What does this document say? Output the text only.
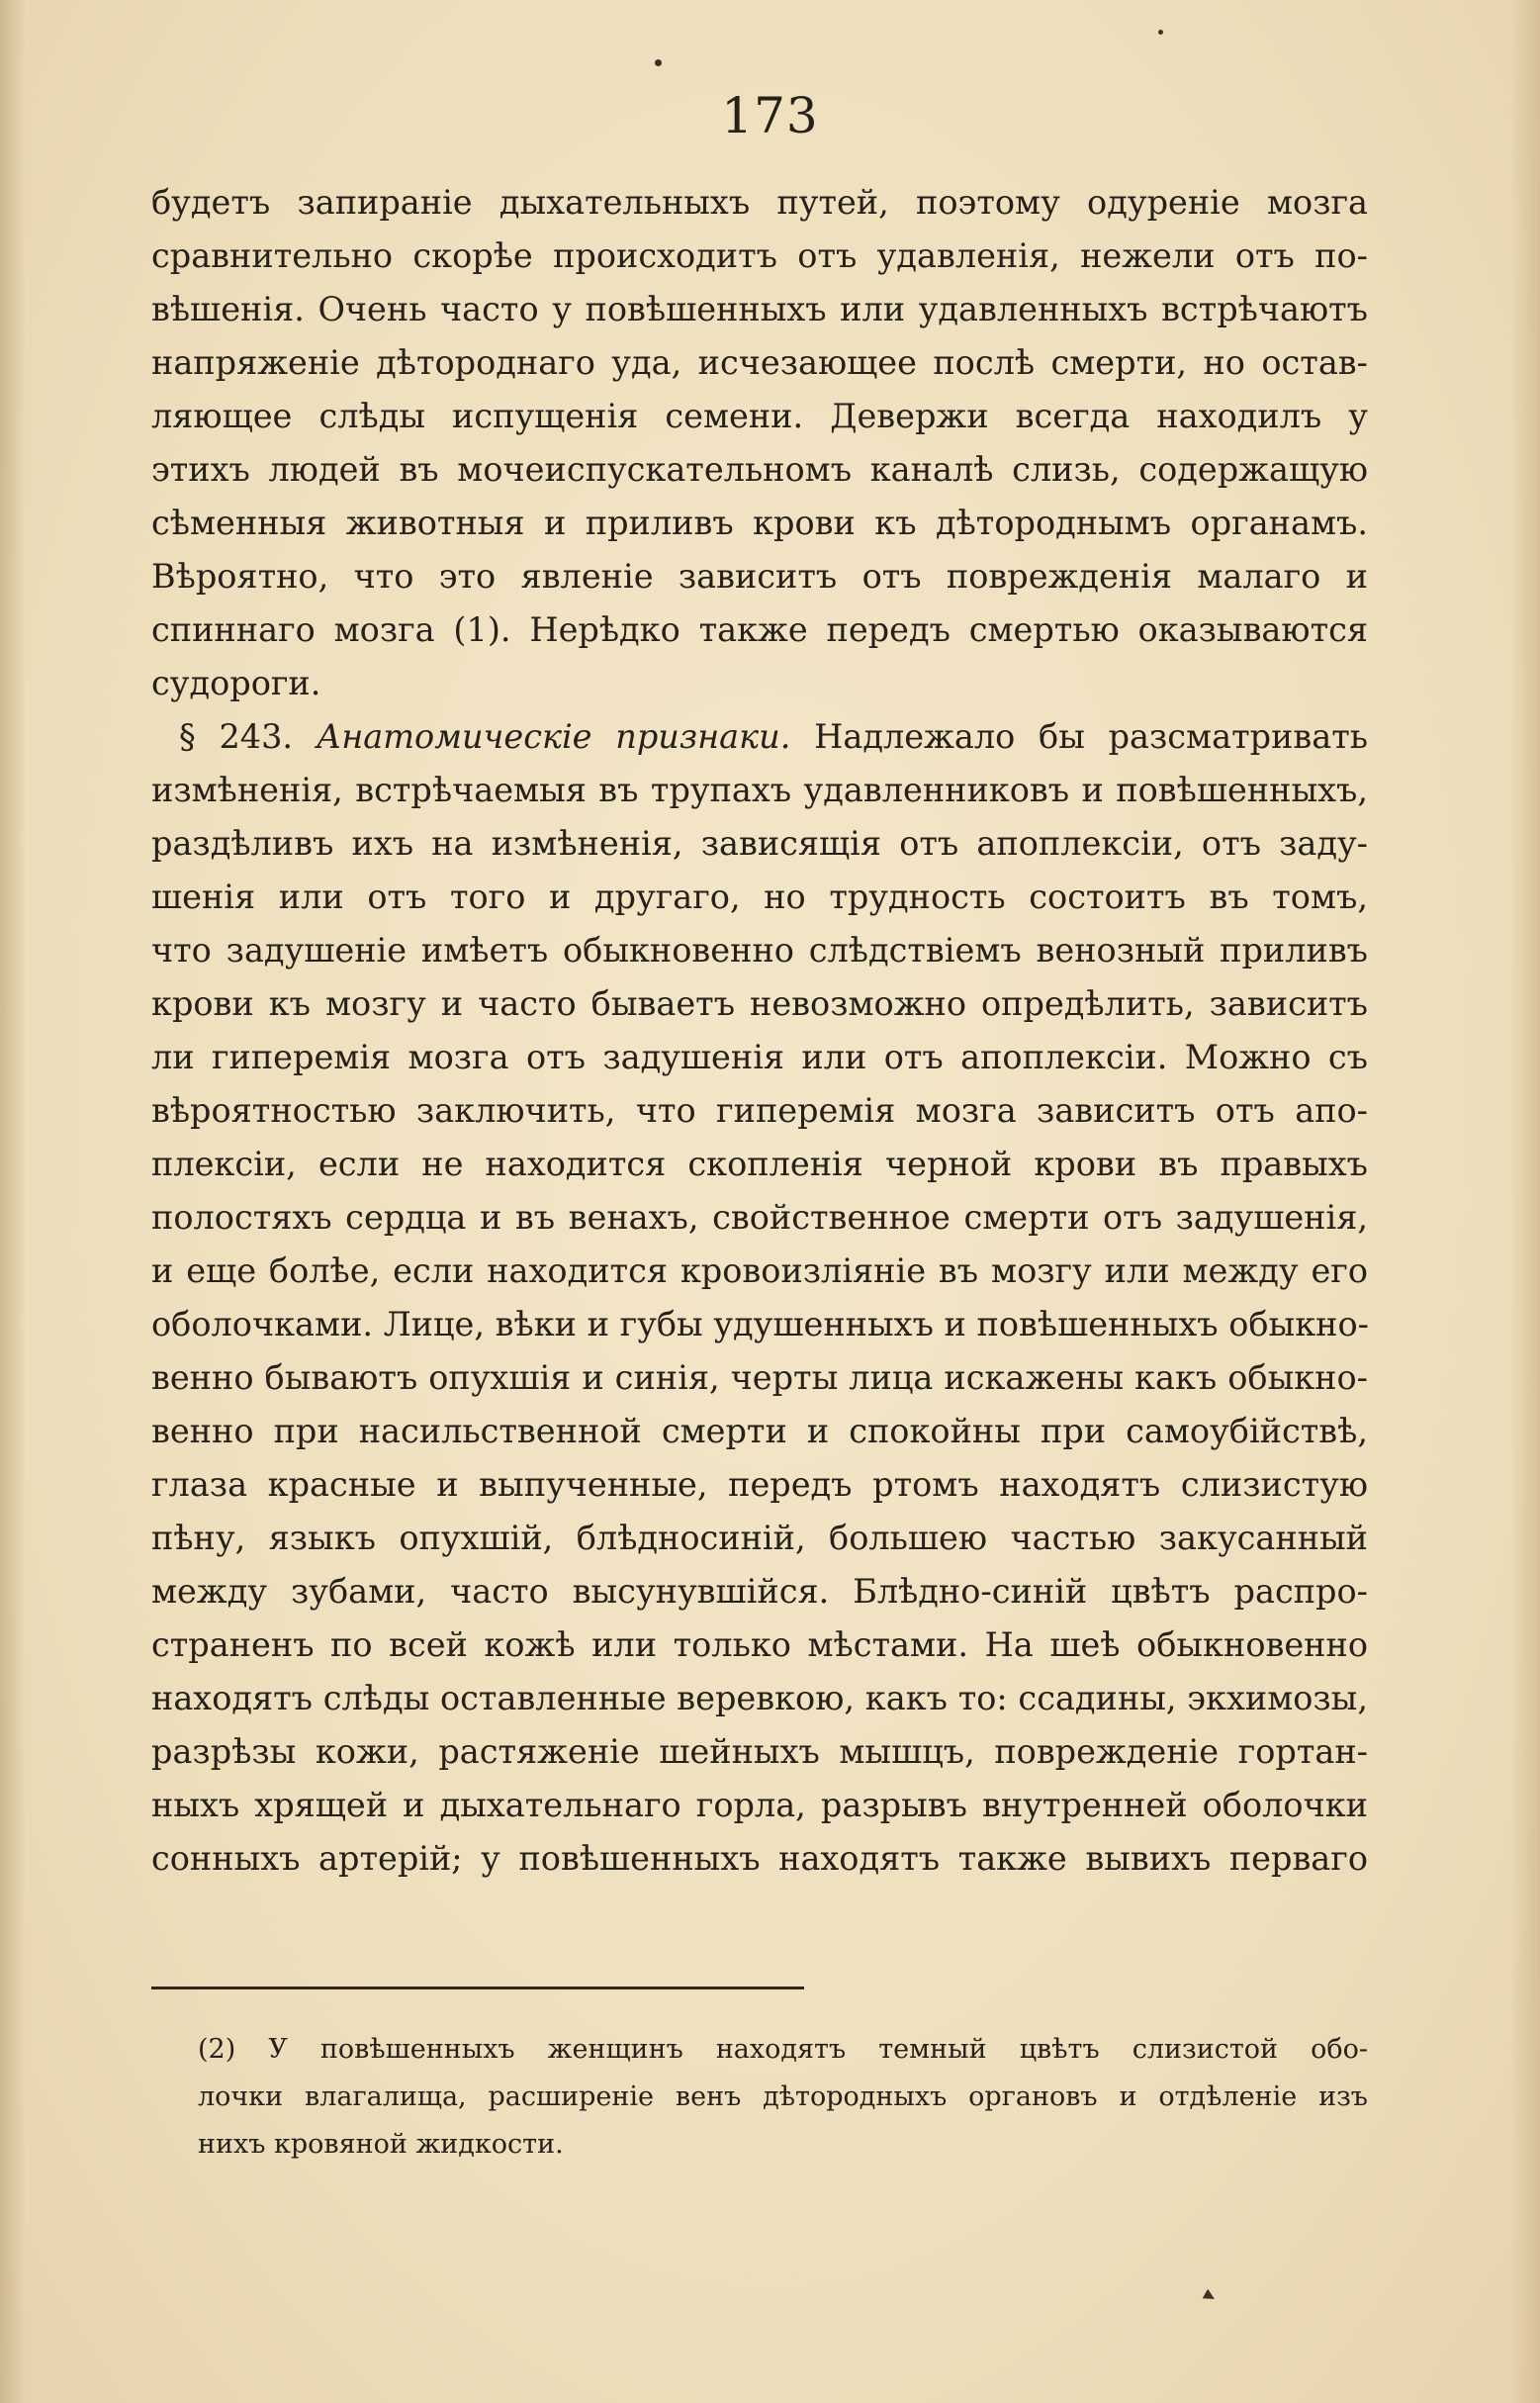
173
будетъ запираніе дыхательныхъ путей, поэтому одуреніе мозга
сравнительно скорѣе происходитъ отъ удавленія, нежели отъ по-
вѣшенія. Очень часто у повѣшенныхъ или удавленныхъ встрѣчаютъ
напряженіе дѣтороднаго уда, исчезающее послѣ смерти, но остав-
ляющее слѣды испущенія семени. Девержи всегда находилъ у
этихъ людей въ мочеиспускательномъ каналѣ слизь, содержащую
сѣменныя животныя и приливъ крови къ дѣтороднымъ органамъ.
Вѣроятно, что это явленіе зависитъ отъ поврежденія малаго и
спиннаго мозга (1). Нерѣдко также передъ смертью оказываются
судороги.
§ 243. Анатомическіе признаки. Надлежало бы разсматривать
измѣненія, встрѣчаемыя въ трупахъ удавленниковъ и повѣшенныхъ,
раздѣливъ ихъ на измѣненія, зависящія отъ апоплексіи, отъ заду-
шенія или отъ того и другаго, но трудность состоитъ въ томъ,
что задушеніе имѣетъ обыкновенно слѣдствіемъ венозный приливъ
крови къ мозгу и часто бываетъ невозможно опредѣлить, зависитъ
ли гиперемія мозга отъ задушенія или отъ апоплексіи. Можно съ
вѣроятностью заключить, что гиперемія мозга зависитъ отъ апо-
плексіи, если не находится скопленія черной крови въ правыхъ
полостяхъ сердца и въ венахъ, свойственное смерти отъ задушенія,
и еще болѣе, если находится кровоизліяніе въ мозгу или между его
оболочками. Лице, вѣки и губы удушенныхъ и повѣшенныхъ обыкно-
венно бываютъ опухшія и синія, черты лица искажены какъ обыкно-
венно при насильственной смерти и спокойны при самоубійствѣ,
глаза красные и выпученные, передъ ртомъ находятъ слизистую
пѣну, языкъ опухшій, блѣдносиній, большею частью закусанный
между зубами, часто высунувшійся. Блѣдно-синій цвѣтъ распро-
страненъ по всей кожѣ или только мѣстами. На шеѣ обыкновенно
находятъ слѣды оставленные веревкою, какъ то: ссадины, экхимозы,
разрѣзы кожи, растяженіе шейныхъ мышцъ, поврежденіе гортан-
ныхъ хрящей и дыхательнаго горла, разрывъ внутренней оболочки
сонныхъ артерій; у повѣшенныхъ находятъ также вывихъ перваго
(2) У повѣшенныхъ женщинъ находятъ темный цвѣтъ слизистой обо-
лочки влагалища, расширеніе венъ дѣтородныхъ органовъ и отдѣленіе изъ
нихъ кровяной жидкости.
▸
